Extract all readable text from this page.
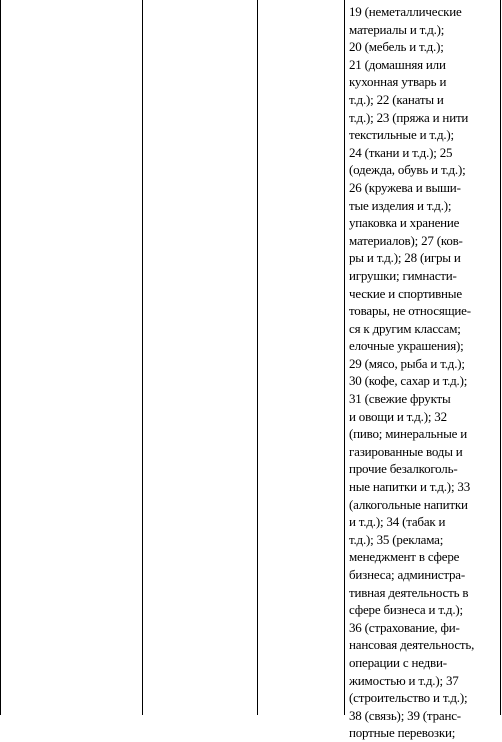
19 (неметаллические
материалы и т.д.);
20 (мебель и т.д.);
21 (домашняя или
кухонная утварь и
т.д.); 22 (канаты и
т.д.); 23 (пряжа и нити
текстильные и т.д.);
24 (ткани и т.д.); 25
(одежда, обувь и т.д.);
26 (кружева и выши-
тые изделия и т.д.);
упаковка и хранение
материалов); 27 (ков-
ры и т.д.); 28 (игры и
игрушки; гимнасти-
ческие и спортивные
товары, не относящие-
ся к другим классам;
елочные украшения);
29 (мясо, рыба и т.д.);
30 (кофе, сахар и т.д.);
31 (свежие фрукты
и овощи и т.д.); 32
(пиво; минеральные и
газированные воды и
прочие безалкоголь-
ные напитки и т.д.); 33
(алкогольные напитки
и т.д.); 34 (табак и
т.д.); 35 (реклама;
менеджмент в сфере
бизнеса; администра-
тивная деятельность в
сфере бизнеса и т.д.);
36 (страхование, фи-
нансовая деятельность,
операции с недви-
жимостью и т.д.); 37
(строительство и т.д.);
38 (связь); 39 (транс-
портные перевозки;
